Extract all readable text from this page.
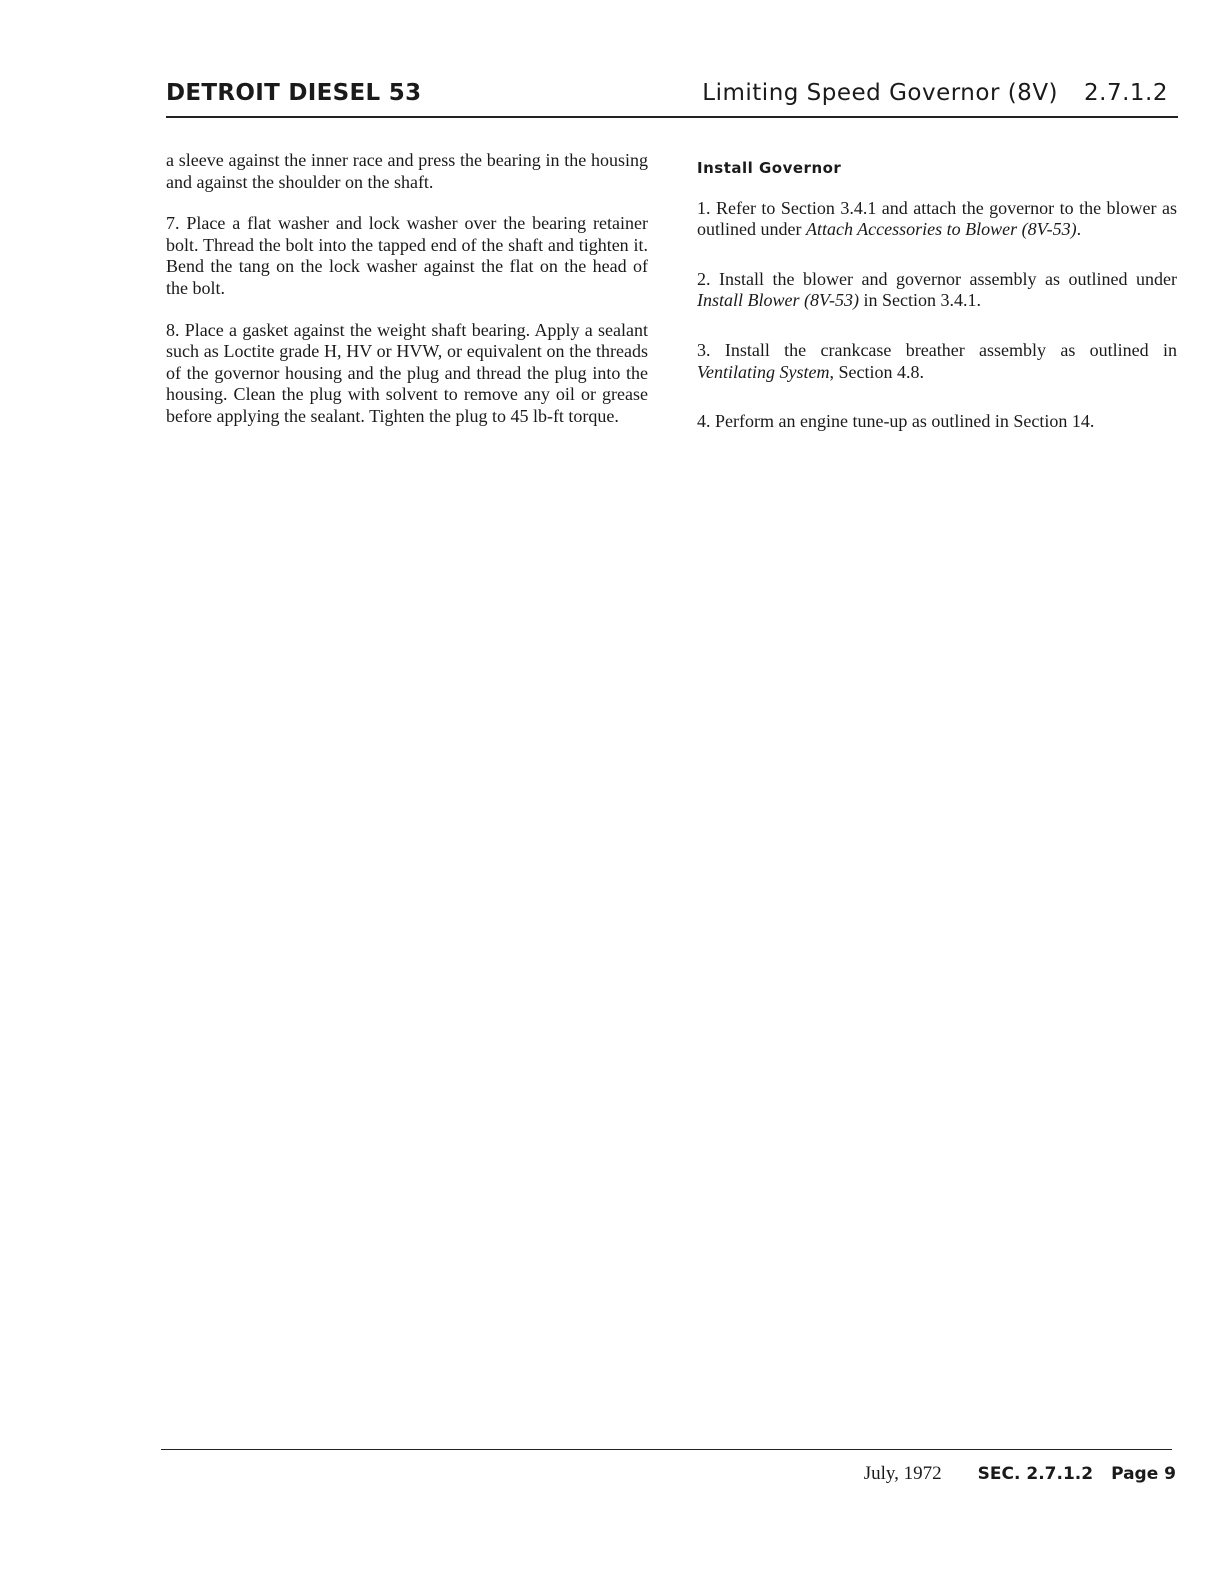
DETROIT DIESEL 53	Limiting Speed Governor (8V) 2.7.1.2

a sleeve against the inner race and press the bearing in the housing and against the shoulder on the shaft.

7. Place a flat washer and lock washer over the bearing retainer bolt. Thread the bolt into the tapped end of the shaft and tighten it. Bend the tang on the lock washer against the flat on the head of the bolt.

8. Place a gasket against the weight shaft bearing. Apply a sealant such as Loctite grade H, HV or HVW, or equivalent on the threads of the governor housing and the plug and thread the plug into the housing. Clean the plug with solvent to remove any oil or grease before applying the sealant. Tighten the plug to 45 lb-ft torque.

Install Governor

1. Refer to Section 3.4.1 and attach the governor to the blower as outlined under Attach Accessories to Blower (8V-53).

2. Install the blower and governor assembly as outlined under Install Blower (8V-53) in Section 3.4.1.

3. Install the crankcase breather assembly as outlined in Ventilating System, Section 4.8.

4. Perform an engine tune-up as outlined in Section 14.

July, 1972 SEC. 2.7.1.2 Page 9
